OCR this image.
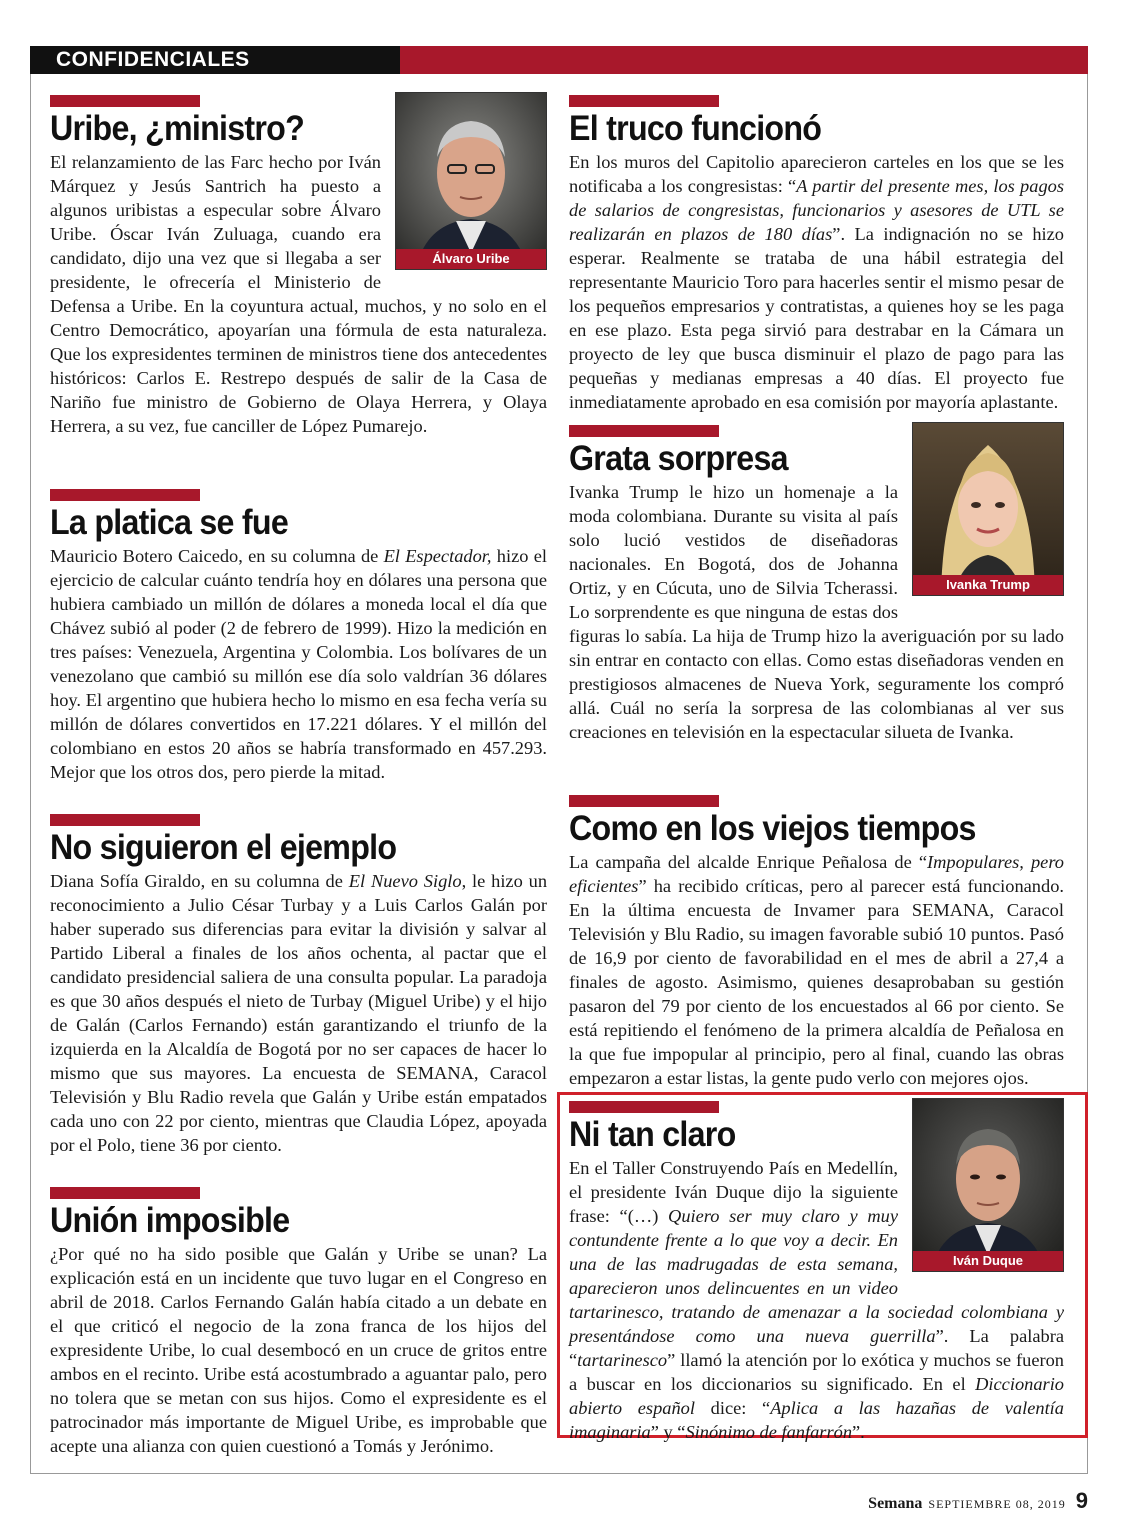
CONFIDENCIALES
Uribe, ¿ministro?
Álvaro Uribe

El relanzamiento de las Farc hecho por Iván Márquez y Jesús Santrich ha puesto a algunos uribistas a especular sobre Álvaro Uribe. Óscar Iván Zuluaga, cuando era candidato, dijo una vez que si llegaba a ser presidente, le ofrecería el Ministerio de Defensa a Uribe. En la coyuntura actual, muchos, y no solo en el Centro Democrático, apoyarían una fórmula de esta naturaleza. Que los expresidentes terminen de ministros tiene dos antecedentes históricos: Carlos E. Restrepo después de salir de la Casa de Nariño fue ministro de Gobierno de Olaya Herrera, y Olaya Herrera, a su vez, fue canciller de López Pumarejo.

La platica se fue

Mauricio Botero Caicedo, en su columna de El Espectador, hizo el ejercicio de calcular cuánto tendría hoy en dólares una persona que hubiera cambiado un millón de dólares a moneda local el día que Chávez subió al poder (2 de febrero de 1999). Hizo la medición en tres países: Venezuela, Argentina y Colombia. Los bolívares de un venezolano que cambió su millón ese día solo valdrían 36 dólares hoy. El argentino que hubiera hecho lo mismo en esa fecha vería su millón de dólares convertidos en 17.221 dólares. Y el millón del colombiano en estos 20 años se habría transformado en 457.293. Mejor que los otros dos, pero pierde la mitad.

No siguieron el ejemplo

Diana Sofía Giraldo, en su columna de El Nuevo Siglo, le hizo un reconocimiento a Julio César Turbay y a Luis Carlos Galán por haber superado sus diferencias para evitar la división y salvar al Partido Liberal a finales de los años ochenta, al pactar que el candidato presidencial saliera de una consulta popular. La paradoja es que 30 años después el nieto de Turbay (Miguel Uribe) y el hijo de Galán (Carlos Fernando) están garantizando el triunfo de la izquierda en la Alcaldía de Bogotá por no ser capaces de hacer lo mismo que sus mayores. La encuesta de SEMANA, Caracol Televisión y Blu Radio revela que Galán y Uribe están empatados cada uno con 22 por ciento, mientras que Claudia López, apoyada por el Polo, tiene 36 por ciento.

Unión imposible

¿Por qué no ha sido posible que Galán y Uribe se unan? La explicación está en un incidente que tuvo lugar en el Congreso en abril de 2018. Carlos Fernando Galán había citado a un debate en el que criticó el negocio de la zona franca de los hijos del expresidente Uribe, lo cual desembocó en un cruce de gritos entre ambos en el recinto. Uribe está acostumbrado a aguantar palo, pero no tolera que se metan con sus hijos. Como el expresidente es el patrocinador más importante de Miguel Uribe, es improbable que acepte una alianza con quien cuestionó a Tomás y Jerónimo.

El truco funcionó

En los muros del Capitolio aparecieron carteles en los que se les notificaba a los congresistas: “A partir del presente mes, los pagos de salarios de congresistas, funcionarios y asesores de UTL se realizarán en plazos de 180 días”. La indignación no se hizo esperar. Realmente se trataba de una hábil estrategia del representante Mauricio Toro para hacerles sentir el mismo pesar de los pequeños empresarios y contratistas, a quienes hoy se les paga en ese plazo. Esta pega sirvió para destrabar en la Cámara un proyecto de ley que busca disminuir el plazo de pago para las pequeñas y medianas empresas a 40 días. El proyecto fue inmediatamente aprobado en esa comisión por mayoría aplastante.

Grata sorpresa
Ivanka Trump

Ivanka Trump le hizo un homenaje a la moda colombiana. Durante su visita al país solo lució vestidos de diseñadoras nacionales. En Bogotá, dos de Johanna Ortiz, y en Cúcuta, uno de Silvia Tcherassi. Lo sorprendente es que ninguna de estas dos figuras lo sabía. La hija de Trump hizo la averiguación por su lado sin entrar en contacto con ellas. Como estas diseñadoras venden en prestigiosos almacenes de Nueva York, seguramente los compró allá. Cuál no sería la sorpresa de las colombianas al ver sus creaciones en televisión en la espectacular silueta de Ivanka.

Como en los viejos tiempos

La campaña del alcalde Enrique Peñalosa de “Impopulares, pero eficientes” ha recibido críticas, pero al parecer está funcionando. En la última encuesta de Invamer para SEMANA, Caracol Televisión y Blu Radio, su imagen favorable subió 10 puntos. Pasó de 16,9 por ciento de favorabilidad en el mes de abril a 27,4 a finales de agosto. Asimismo, quienes desaprobaban su gestión pasaron del 79 por ciento de los encuestados al 66 por ciento. Se está repitiendo el fenómeno de la primera alcaldía de Peñalosa en la que fue impopular al principio, pero al final, cuando las obras empezaron a estar listas, la gente pudo verlo con mejores ojos.

Ni tan claro
Iván Duque

En el Taller Construyendo País en Medellín, el presidente Iván Duque dijo la siguiente frase: “(…) Quiero ser muy claro y muy contundente frente a lo que voy a decir. En una de las madrugadas de esta semana, aparecieron unos delincuentes en un video tartarinesco, tratando de amenazar a la sociedad colombiana y presentándose como una nueva guerrilla”. La palabra “tartarinesco” llamó la atención por lo exótica y muchos se fueron a buscar en los diccionarios su significado. En el Diccionario abierto español dice: “Aplica a las hazañas de valentía imaginaria” y “Sinónimo de fanfarrón”.

Semana SEPTIEMBRE 08, 2019 9
